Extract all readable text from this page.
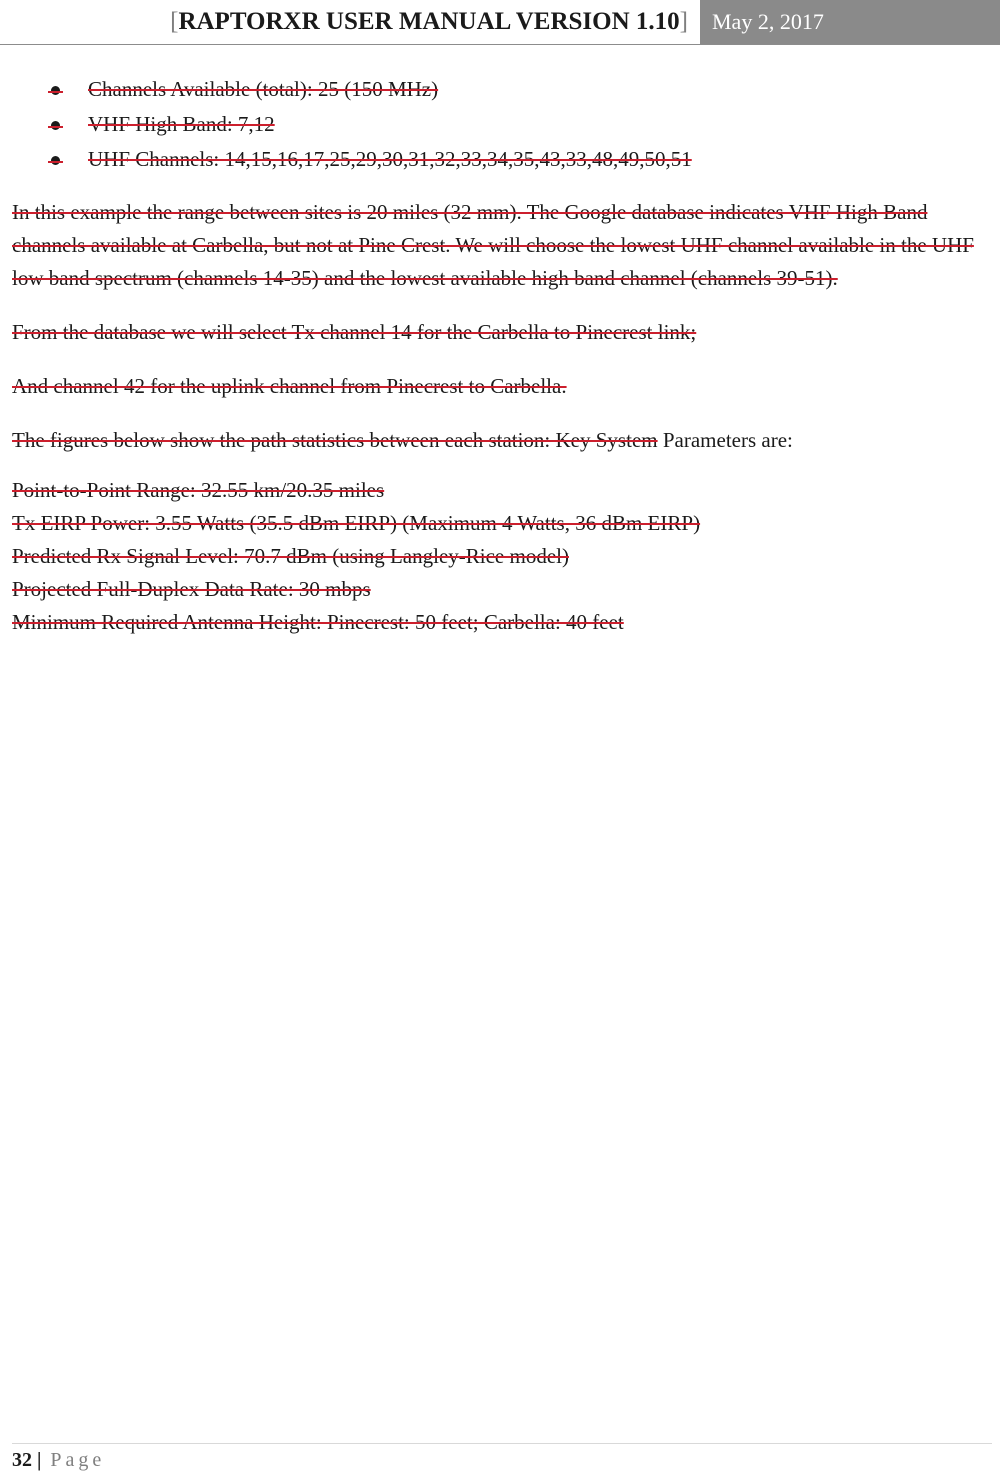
[RAPTORXR USER MANUAL VERSION 1.10]	May 2, 2017
Channels Available (total): 25 (150 MHz)
VHF High Band: 7,12
UHF Channels: 14,15,16,17,25,29,30,31,32,33,34,35,43,33,48,49,50,51

In this example the range between sites is 20 miles (32 mm). The Google database indicates VHF High Band channels available at Carbella, but not at Pine Crest. We will choose the lowest UHF channel available in the UHF low band spectrum (channels 14-35) and the lowest available high band channel (channels 39-51).

From the database we will select Tx channel 14 for the Carbella to Pinecrest link;

And channel 42 for the uplink channel from Pinecrest to Carbella.

The figures below show the path statistics between each station: Key System Parameters are:

Point-to-Point Range: 32.55 km/20.35 miles
Tx EIRP Power: 3.55 Watts (35.5 dBm EIRP) (Maximum 4 Watts, 36 dBm EIRP)
Predicted Rx Signal Level: 70.7 dBm (using Langley-Rice model)
Projected Full-Duplex Data Rate: 30 mbps
Minimum Required Antenna Height: Pinecrest: 50 feet; Carbella: 40 feet
32 | Page
